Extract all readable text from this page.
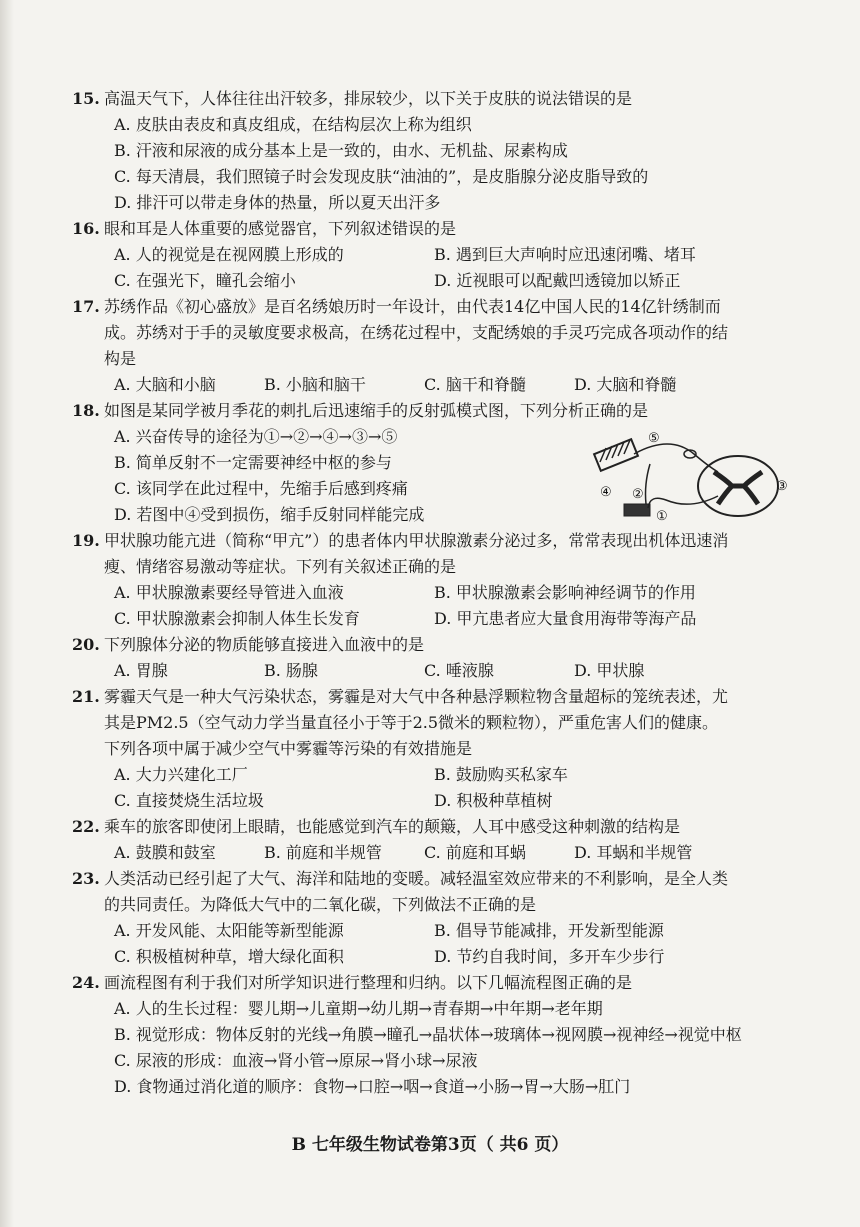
15. 高温天气下，人体往往出汗较多，排尿较少，以下关于皮肤的说法错误的是
A. 皮肤由表皮和真皮组成，在结构层次上称为组织
B. 汗液和尿液的成分基本上是一致的，由水、无机盐、尿素构成
C. 每天清晨，我们照镜子时会发现皮肤“油油的”，是皮脂腺分泌皮脂导致的
D. 排汗可以带走身体的热量，所以夏天出汗多
16. 眼和耳是人体重要的感觉器官，下列叙述错误的是
A. 人的视觉是在视网膜上形成的	B. 遇到巨大声响时应迅速闭嘴、堵耳
C. 在强光下，瞳孔会缩小	D. 近视眼可以配戴凹透镜加以矫正
17. 苏绣作品《初心盛放》是百名绣娘历时一年设计，由代表14亿中国人民的14亿针绣制而
成。苏绣对于手的灵敏度要求极高，在绣花过程中，支配绣娘的手灵巧完成各项动作的结
构是
A. 大脑和小脑	B. 小脑和脑干	C. 脑干和脊髓	D. 大脑和脊髓
18. 如图是某同学被月季花的刺扎后迅速缩手的反射弧模式图，下列分析正确的是
A. 兴奋传导的途径为①→②→④→③→⑤
B. 简单反射不一定需要神经中枢的参与
C. 该同学在此过程中，先缩手后感到疼痛
D. 若图中④受到损伤，缩手反射同样能完成
⑤
④ ②
①
③
19. 甲状腺功能亢进（简称“甲亢”）的患者体内甲状腺激素分泌过多，常常表现出机体迅速消
瘦、情绪容易激动等症状。下列有关叙述正确的是
A. 甲状腺激素要经导管进入血液	B. 甲状腺激素会影响神经调节的作用
C. 甲状腺激素会抑制人体生长发育	D. 甲亢患者应大量食用海带等海产品
20. 下列腺体分泌的物质能够直接进入血液中的是
A. 胃腺	B. 肠腺	C. 唾液腺	D. 甲状腺
21. 雾霾天气是一种大气污染状态，雾霾是对大气中各种悬浮颗粒物含量超标的笼统表述，尤
其是PM2.5（空气动力学当量直径小于等于2.5微米的颗粒物），严重危害人们的健康。
下列各项中属于减少空气中雾霾等污染的有效措施是
A. 大力兴建化工厂	B. 鼓励购买私家车
C. 直接焚烧生活垃圾	D. 积极种草植树
22. 乘车的旅客即使闭上眼睛，也能感觉到汽车的颠簸，人耳中感受这种刺激的结构是
A. 鼓膜和鼓室	B. 前庭和半规管	C. 前庭和耳蜗	D. 耳蜗和半规管
23. 人类活动已经引起了大气、海洋和陆地的变暖。减轻温室效应带来的不利影响，是全人类
的共同责任。为降低大气中的二氧化碳，下列做法不正确的是
A. 开发风能、太阳能等新型能源	B. 倡导节能减排，开发新型能源
C. 积极植树种草，增大绿化面积	D. 节约自我时间，多开车少步行
24. 画流程图有利于我们对所学知识进行整理和归纳。以下几幅流程图正确的是
A. 人的生长过程：婴儿期→儿童期→幼儿期→青春期→中年期→老年期
B. 视觉形成：物体反射的光线→角膜→瞳孔→晶状体→玻璃体→视网膜→视神经→视觉中枢
C. 尿液的形成：血液→肾小管→原尿→肾小球→尿液
D. 食物通过消化道的顺序：食物→口腔→咽→食道→小肠→胃→大肠→肛门
B 七年级生物试卷第3页（ 共6 页）
